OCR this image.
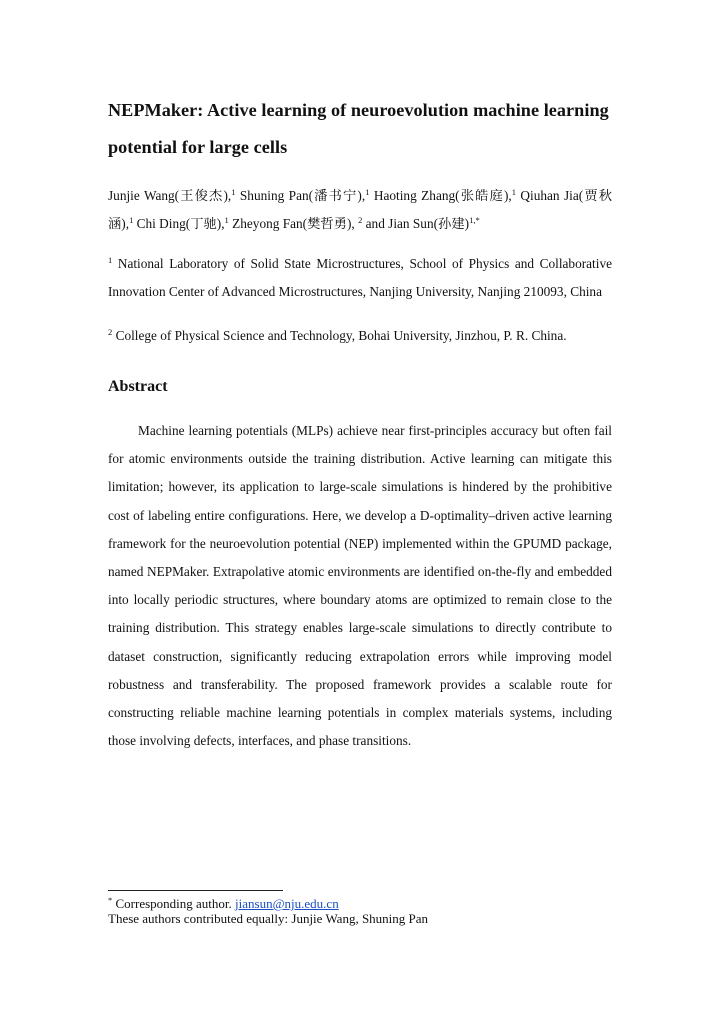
NEPMaker: Active learning of neuroevolution machine learning potential for large cells
Junjie Wang(王俊杰),$^1$ Shuning Pan(潘书宁),$^1$ Haoting Zhang(张皓庭),$^1$ Qiuhan Jia(贾秋涵),$^1$ Chi Ding(丁驰),$^1$ Zheyong Fan(樊哲勇), $^2$ and Jian Sun(孙建)$^{1,*}$
$^1$ National Laboratory of Solid State Microstructures, School of Physics and Collaborative Innovation Center of Advanced Microstructures, Nanjing University, Nanjing 210093, China
$^2$ College of Physical Science and Technology, Bohai University, Jinzhou, P. R. China.
Abstract

Machine learning potentials (MLPs) achieve near first-principles accuracy but often fail for atomic environments outside the training distribution. Active learning can mitigate this limitation; however, its application to large-scale simulations is hindered by the prohibitive cost of labeling entire configurations. Here, we develop a D-optimality–driven active learning framework for the neuroevolution potential (NEP) implemented within the GPUMD package, named NEPMaker. Extrapolative atomic environments are identified on-the-fly and embedded into locally periodic structures, where boundary atoms are optimized to remain close to the training distribution. This strategy enables large-scale simulations to directly contribute to dataset construction, significantly reducing extrapolation errors while improving model robustness and transferability. The proposed framework provides a scalable route for constructing reliable machine learning potentials in complex materials systems, including those involving defects, interfaces, and phase transitions.

* Corresponding author. jiansun@nju.edu.cn
These authors contributed equally: Junjie Wang, Shuning Pan
